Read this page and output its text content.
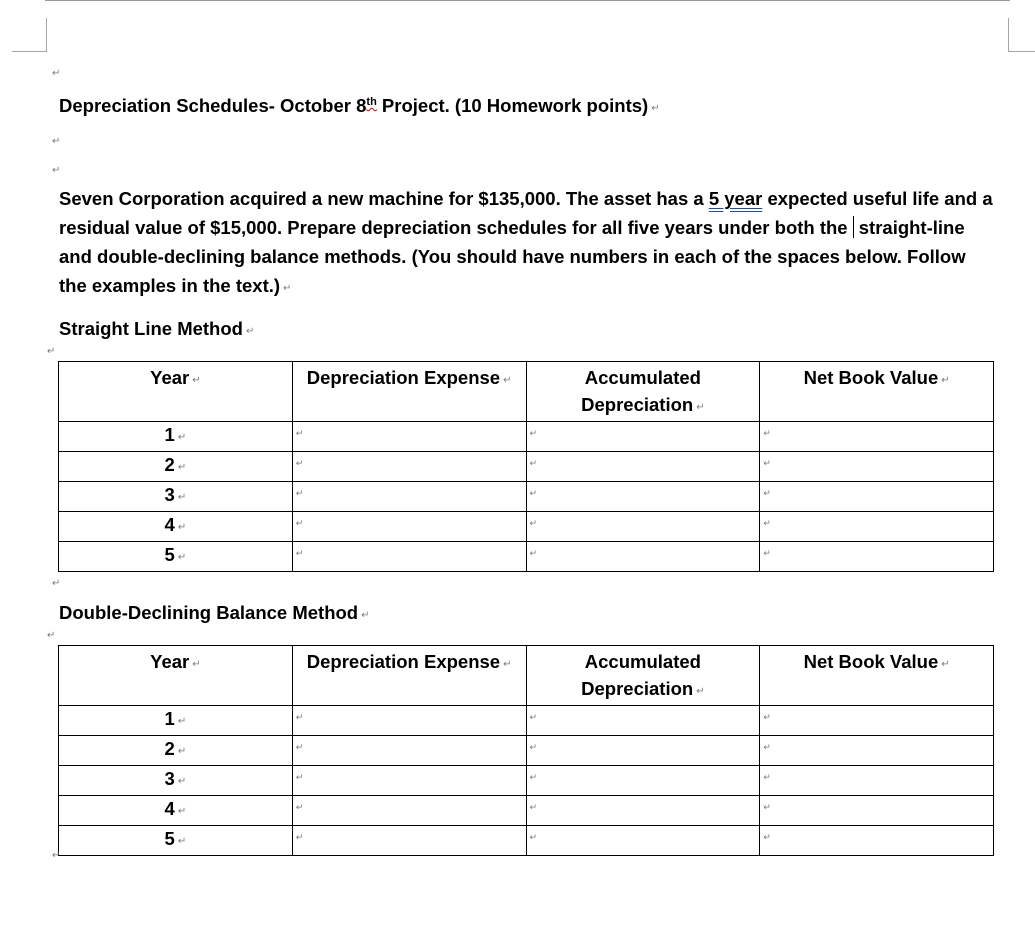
↵
Depreciation Schedules- October 8th Project. (10 Homework points) ↵
↵
↵
Seven Corporation acquired a new machine for $135,000. The asset has a 5 year expected useful life and a residual value of $15,000. Prepare depreciation schedules for all five years under both the straight-line and double-declining balance methods. (You should have numbers in each of the spaces below. Follow the examples in the text.) ↵
Straight Line Method ↵
↵
Year ↵	Depreciation Expense ↵	Accumulated Depreciation ↵	Net Book Value ↵
1 ↵	↵	↵	↵

2 ↵	↵	↵	↵

3 ↵	↵	↵	↵

4 ↵	↵	↵	↵

5 ↵	↵	↵	↵
↵
Double-Declining Balance Method ↵
↵
Year ↵	Depreciation Expense ↵	Accumulated Depreciation ↵	Net Book Value ↵
1 ↵	↵	↵	↵

2 ↵	↵	↵	↵

3 ↵	↵	↵	↵

4 ↵	↵	↵	↵

5 ↵	↵	↵	↵
↵
